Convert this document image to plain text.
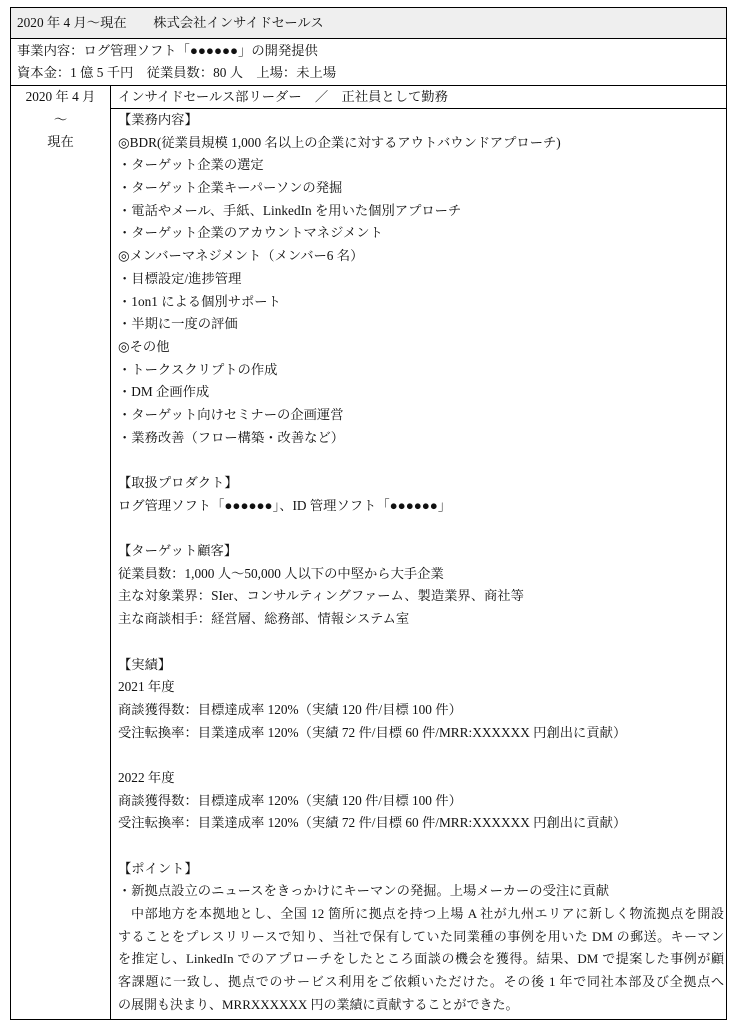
2020 年 4 月～現在 株式会社インサイドセールス
事業内容：ログ管理ソフト「●●●●●●」の開発提供
資本金：1 億 5 千円　従業員数：80 人　上場：未上場
2020 年 4 月
～
現在
インサイドセールス部リーダー　／　正社員として勤務
【業務内容】
◎BDR(従業員規模 1,000 名以上の企業に対するアウトバウンドアプローチ)
・ターゲット企業の選定
・ターゲット企業キーパーソンの発掘
・電話やメール、手紙、LinkedIn を用いた個別アプローチ
・ターゲット企業のアカウントマネジメント
◎メンバーマネジメント（メンバー6 名）
・目標設定/進捗管理
・1on1 による個別サポート
・半期に一度の評価
◎その他
・トークスクリプトの作成
・DM 企画作成
・ターゲット向けセミナーの企画運営
・業務改善（フロー構築・改善など）
【取扱プロダクト】
ログ管理ソフト「●●●●●●」、ID 管理ソフト「●●●●●●」
【ターゲット顧客】
従業員数：1,000 人～50,000 人以下の中堅から大手企業
主な対象業界：SIer、コンサルティングファーム、製造業界、商社等
主な商談相手：経営層、総務部、情報システム室
【実績】
2021 年度
商談獲得数：目標達成率 120%（実績 120 件/目標 100 件）
受注転換率：目業達成率 120%（実績 72 件/目標 60 件/MRR:XXXXXX 円創出に貢献）
2022 年度
商談獲得数：目標達成率 120%（実績 120 件/目標 100 件）
受注転換率：目業達成率 120%（実績 72 件/目標 60 件/MRR:XXXXXX 円創出に貢献）
【ポイント】
・新拠点設立のニュースをきっかけにキーマンの発掘。上場メーカーの受注に貢献
中部地方を本拠地とし、全国 12 箇所に拠点を持つ上場 A 社が九州エリアに新しく物流拠点を開設
することをプレスリリースで知り、当社で保有していた同業種の事例を用いた DM の郵送。キーマン
を推定し、LinkedIn でのアプローチをしたところ面談の機会を獲得。結果、DM で提案した事例が顧
客課題に一致し、拠点でのサービス利用をご依頼いただけた。その後 1 年で同社本部及び全拠点へ
の展開も決まり、MRRXXXXXX 円の業績に貢献することができた。
